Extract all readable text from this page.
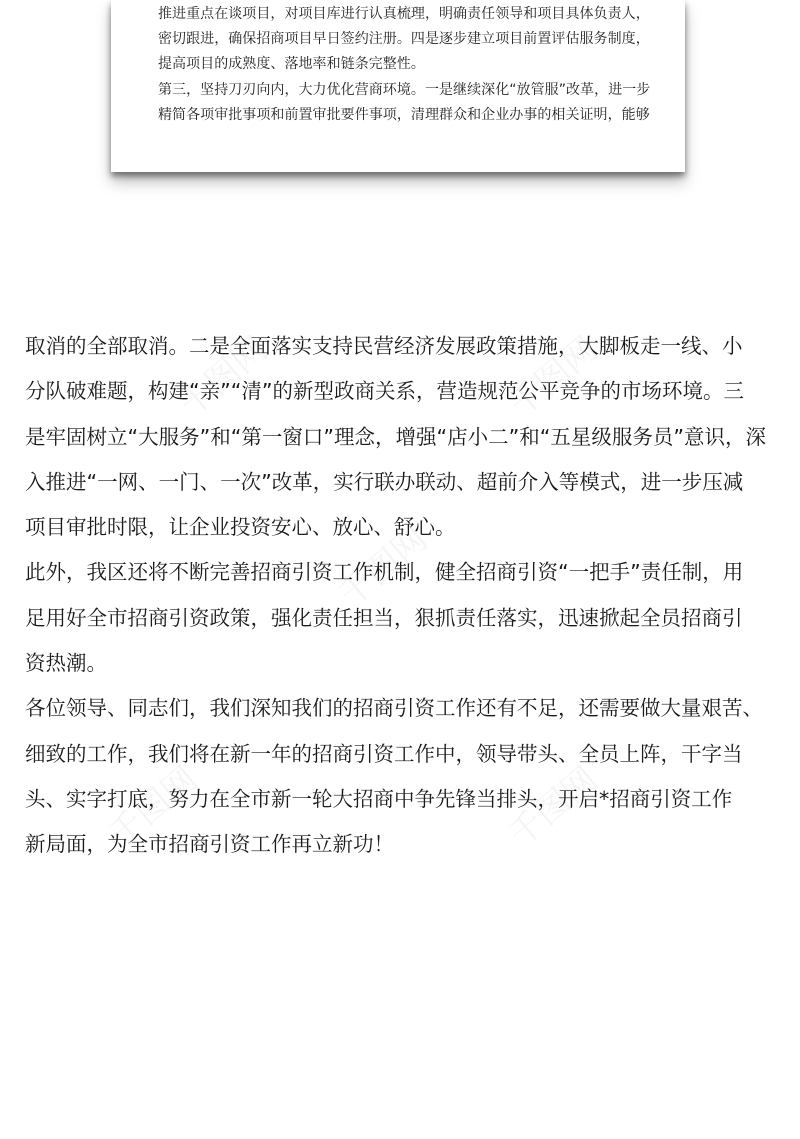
推进重点在谈项目，对项目库进行认真梳理，明确责任领导和项目具体负责人，
密切跟进，确保招商项目早日签约注册。四是逐步建立项目前置评估服务制度，
提高项目的成熟度、落地率和链条完整性。
第三，坚持刀刃向内，大力优化营商环境。一是继续深化“放管服”改革，进一步
精简各项审批事项和前置审批要件事项，清理群众和企业办事的相关证明，能够
千图网	千图网
千图网
千图网	千图网
取消的全部取消。二是全面落实支持民营经济发展政策措施，大脚板走一线、小
分队破难题，构建“亲”“清”的新型政商关系，营造规范公平竞争的市场环境。三
是牢固树立“大服务”和“第一窗口”理念，增强“店小二”和“五星级服务员”意识，深
入推进“一网、一门、一次”改革，实行联办联动、超前介入等模式，进一步压减
项目审批时限，让企业投资安心、放心、舒心。
此外，我区还将不断完善招商引资工作机制，健全招商引资“一把手”责任制，用
足用好全市招商引资政策，强化责任担当，狠抓责任落实，迅速掀起全员招商引
资热潮。
各位领导、同志们，我们深知我们的招商引资工作还有不足，还需要做大量艰苦、
细致的工作，我们将在新一年的招商引资工作中，领导带头、全员上阵，干字当
头、实字打底，努力在全市新一轮大招商中争先锋当排头，开启*招商引资工作
新局面，为全市招商引资工作再立新功！
